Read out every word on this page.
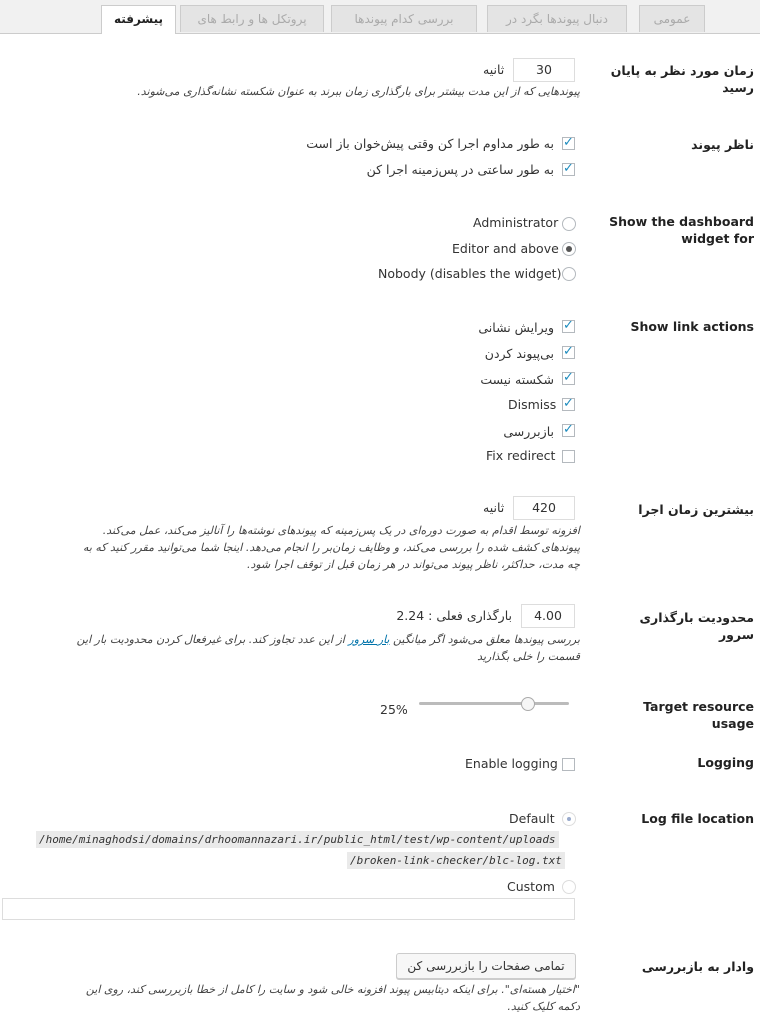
عمومی
دنبال پیوندها بگرد در
بررسی کدام پیوندها
پروتکل ها و رابط های
پیشرفته
زمان مورد نظر به پایان رسید
30
ثانیه
پیوندهایی که از این مدت بیشتر برای بارگذاری زمان ببرند به عنوان شکسته نشانه‌گذاری می‌شوند.
ناظر پیوند
✓
به طور مداوم اجرا کن وقتی پیش‌خوان باز است
✓
به طور ساعتی در پس‌زمینه اجرا کن
Show the dashboard widget for
Administrator
Editor and above
Nobody (disables the widget)
Show link actions
✓
ویرایش نشانی
✓
بی‌پیوند کردن
✓
شکسته نیست
✓
Dismiss
✓
بازبررسی
Fix redirect
بیشترین زمان اجرا
420
ثانیه
افزونه توسط اقدام به صورت دوره‌ای در یک پس‌زمینه که پیوندهای نوشته‌ها را آنالیز می‌کند، عمل می‌کند.
پیوندهای کشف شده را بررسی می‌کند، و وظایف زمان‌بر را انجام می‌دهد. اینجا شما می‌توانید مقرر کنید که به
چه مدت، حداکثر، ناظر پیوند می‌تواند در هر زمان قبل از توقف اجرا شود.
محدودیت بارگذاری سرور
4.00
بارگذاری فعلی : 2.24
بررسی پیوندها معلق می‌شود اگر میانگین بار سرور از این عدد تجاوز کند. برای غیرفعال کردن محدودیت بار این
قسمت را خلی بگذارید
Target resource usage
25%
Logging
Enable logging
Log file location
Default
/home/minaghodsi/domains/drhoomannazari.ir/public_html/test/wp-content/uploads
/broken-link-checker/blc-log.txt
Custom
وادار به بازبررسی
تمامی صفحات را بازبررسی کن
"اختیار هسته‌ای". برای اینکه دیتابیس پیوند افزونه خالی شود و سایت را کامل از خطا بازبررسی کند، روی این
دکمه کلیک کنید.
